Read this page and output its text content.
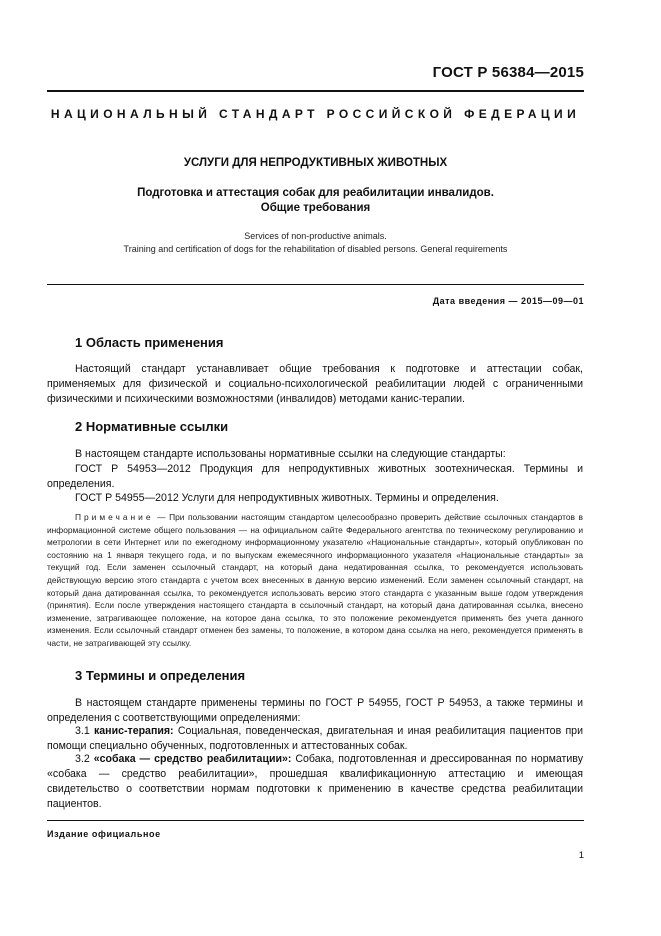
ГОСТ Р 56384—2015
НАЦИОНАЛЬНЫЙ СТАНДАРТ РОССИЙСКОЙ ФЕДЕРАЦИИ
УСЛУГИ ДЛЯ НЕПРОДУКТИВНЫХ ЖИВОТНЫХ
Подготовка и аттестация собак для реабилитации инвалидов.
Общие требования
Services of non-productive animals.
Training and certification of dogs for the rehabilitation of disabled persons. General requirements
Дата введения — 2015—09—01
1 Область применения

Настоящий стандарт устанавливает общие требования к подготовке и аттестации собак, применяемых для физической и социально-психологической реабилитации людей с ограниченными физическими и психическими возможностями (инвалидов) методами канис-терапии.

2 Нормативные ссылки

В настоящем стандарте использованы нормативные ссылки на следующие стандарты:

ГОСТ Р 54953—2012 Продукция для непродуктивных животных зоотехническая. Термины и определения.

ГОСТ Р 54955—2012 Услуги для непродуктивных животных. Термины и определения.

Примечание — При пользовании настоящим стандартом целесообразно проверить действие ссылочных стандартов в информационной системе общего пользования — на официальном сайте Федерального агентства по техническому регулированию и метрологии в сети Интернет или по ежегодному информационному указателю «Национальные стандарты», который опубликован по состоянию на 1 января текущего года, и по выпускам ежемесячного информационного указателя «Национальные стандарты» за текущий год. Если заменен ссылочный стандарт, на который дана недатированная ссылка, то рекомендуется использовать действующую версию этого стандарта с учетом всех внесенных в данную версию изменений. Если заменен ссылочный стандарт, на который дана датированная ссылка, то рекомендуется использовать версию этого стандарта с указанным выше годом утверждения (принятия). Если после утверждения настоящего стандарта в ссылочный стандарт, на который дана датированная ссылка, внесено изменение, затрагивающее положение, на которое дана ссылка, то это положение рекомендуется применять без учета данного изменения. Если ссылочный стандарт отменен без замены, то положение, в котором дана ссылка на него, рекомендуется применять в части, не затрагивающей эту ссылку.

3 Термины и определения

В настоящем стандарте применены термины по ГОСТ Р 54955, ГОСТ Р 54953, а также термины и определения с соответствующими определениями:

3.1 канис-терапия: Социальная, поведенческая, двигательная и иная реабилитация пациентов при помощи специально обученных, подготовленных и аттестованных собак.

3.2 «собака — средство реабилитации»: Собака, подготовленная и дрессированная по нормативу «собака — средство реабилитации», прошедшая квалификационную аттестацию и имеющая свидетельство о соответствии нормам подготовки к применению в качестве средства реабилитации пациентов.

Издание официальное
1
